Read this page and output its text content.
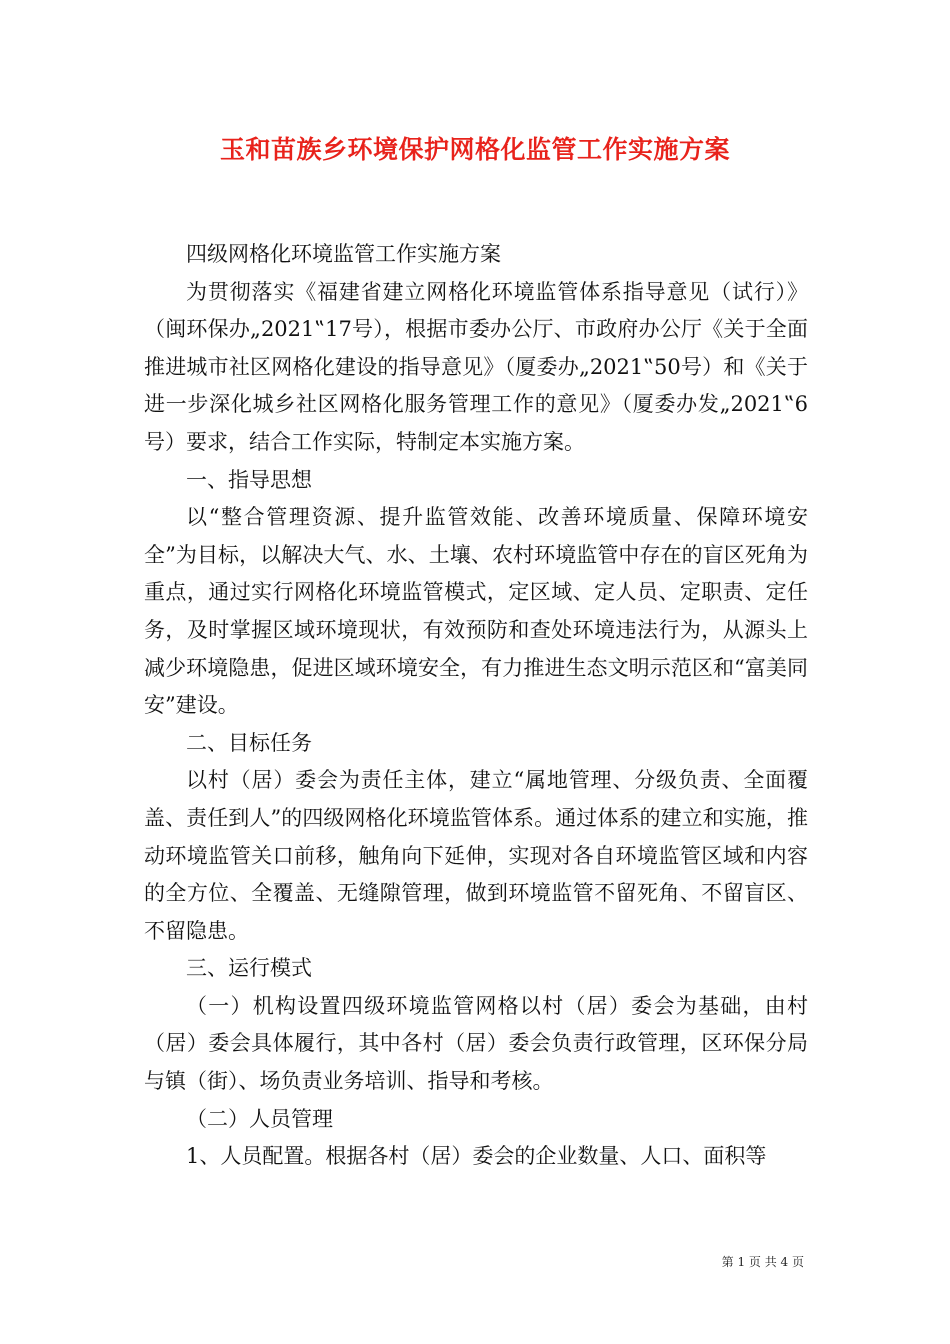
玉和苗族乡环境保护网格化监管工作实施方案

四级网格化环境监管工作实施方案

为贯彻落实《福建省建立网格化环境监管体系指导意见（试行）》（闽环保办„2021‟17号），根据市委办公厅、市政府办公厅《关于全面推进城市社区网格化建设的指导意见》（厦委办„2021‟50号）和《关于进一步深化城乡社区网格化服务管理工作的意见》（厦委办发„2021‟6号）要求，结合工作实际，特制定本实施方案。

一、指导思想

以“整合管理资源、提升监管效能、改善环境质量、保障环境安全”为目标，以解决大气、水、土壤、农村环境监管中存在的盲区死角为重点，通过实行网格化环境监管模式，定区域、定人员、定职责、定任务，及时掌握区域环境现状，有效预防和查处环境违法行为，从源头上减少环境隐患，促进区域环境安全，有力推进生态文明示范区和“富美同安”建设。

二、目标任务

以村（居）委会为责任主体，建立“属地管理、分级负责、全面覆盖、责任到人”的四级网格化环境监管体系。通过体系的建立和实施，推动环境监管关口前移，触角向下延伸，实现对各自环境监管区域和内容的全方位、全覆盖、无缝隙管理，做到环境监管不留死角、不留盲区、不留隐患。

三、运行模式

（一）机构设置四级环境监管网格以村（居）委会为基础，由村（居）委会具体履行，其中各村（居）委会负责行政管理，区环保分局与镇（街）、场负责业务培训、指导和考核。

（二）人员管理

1、人员配置。根据各村（居）委会的企业数量、人口、面积等

第 1 页 共 4 页
